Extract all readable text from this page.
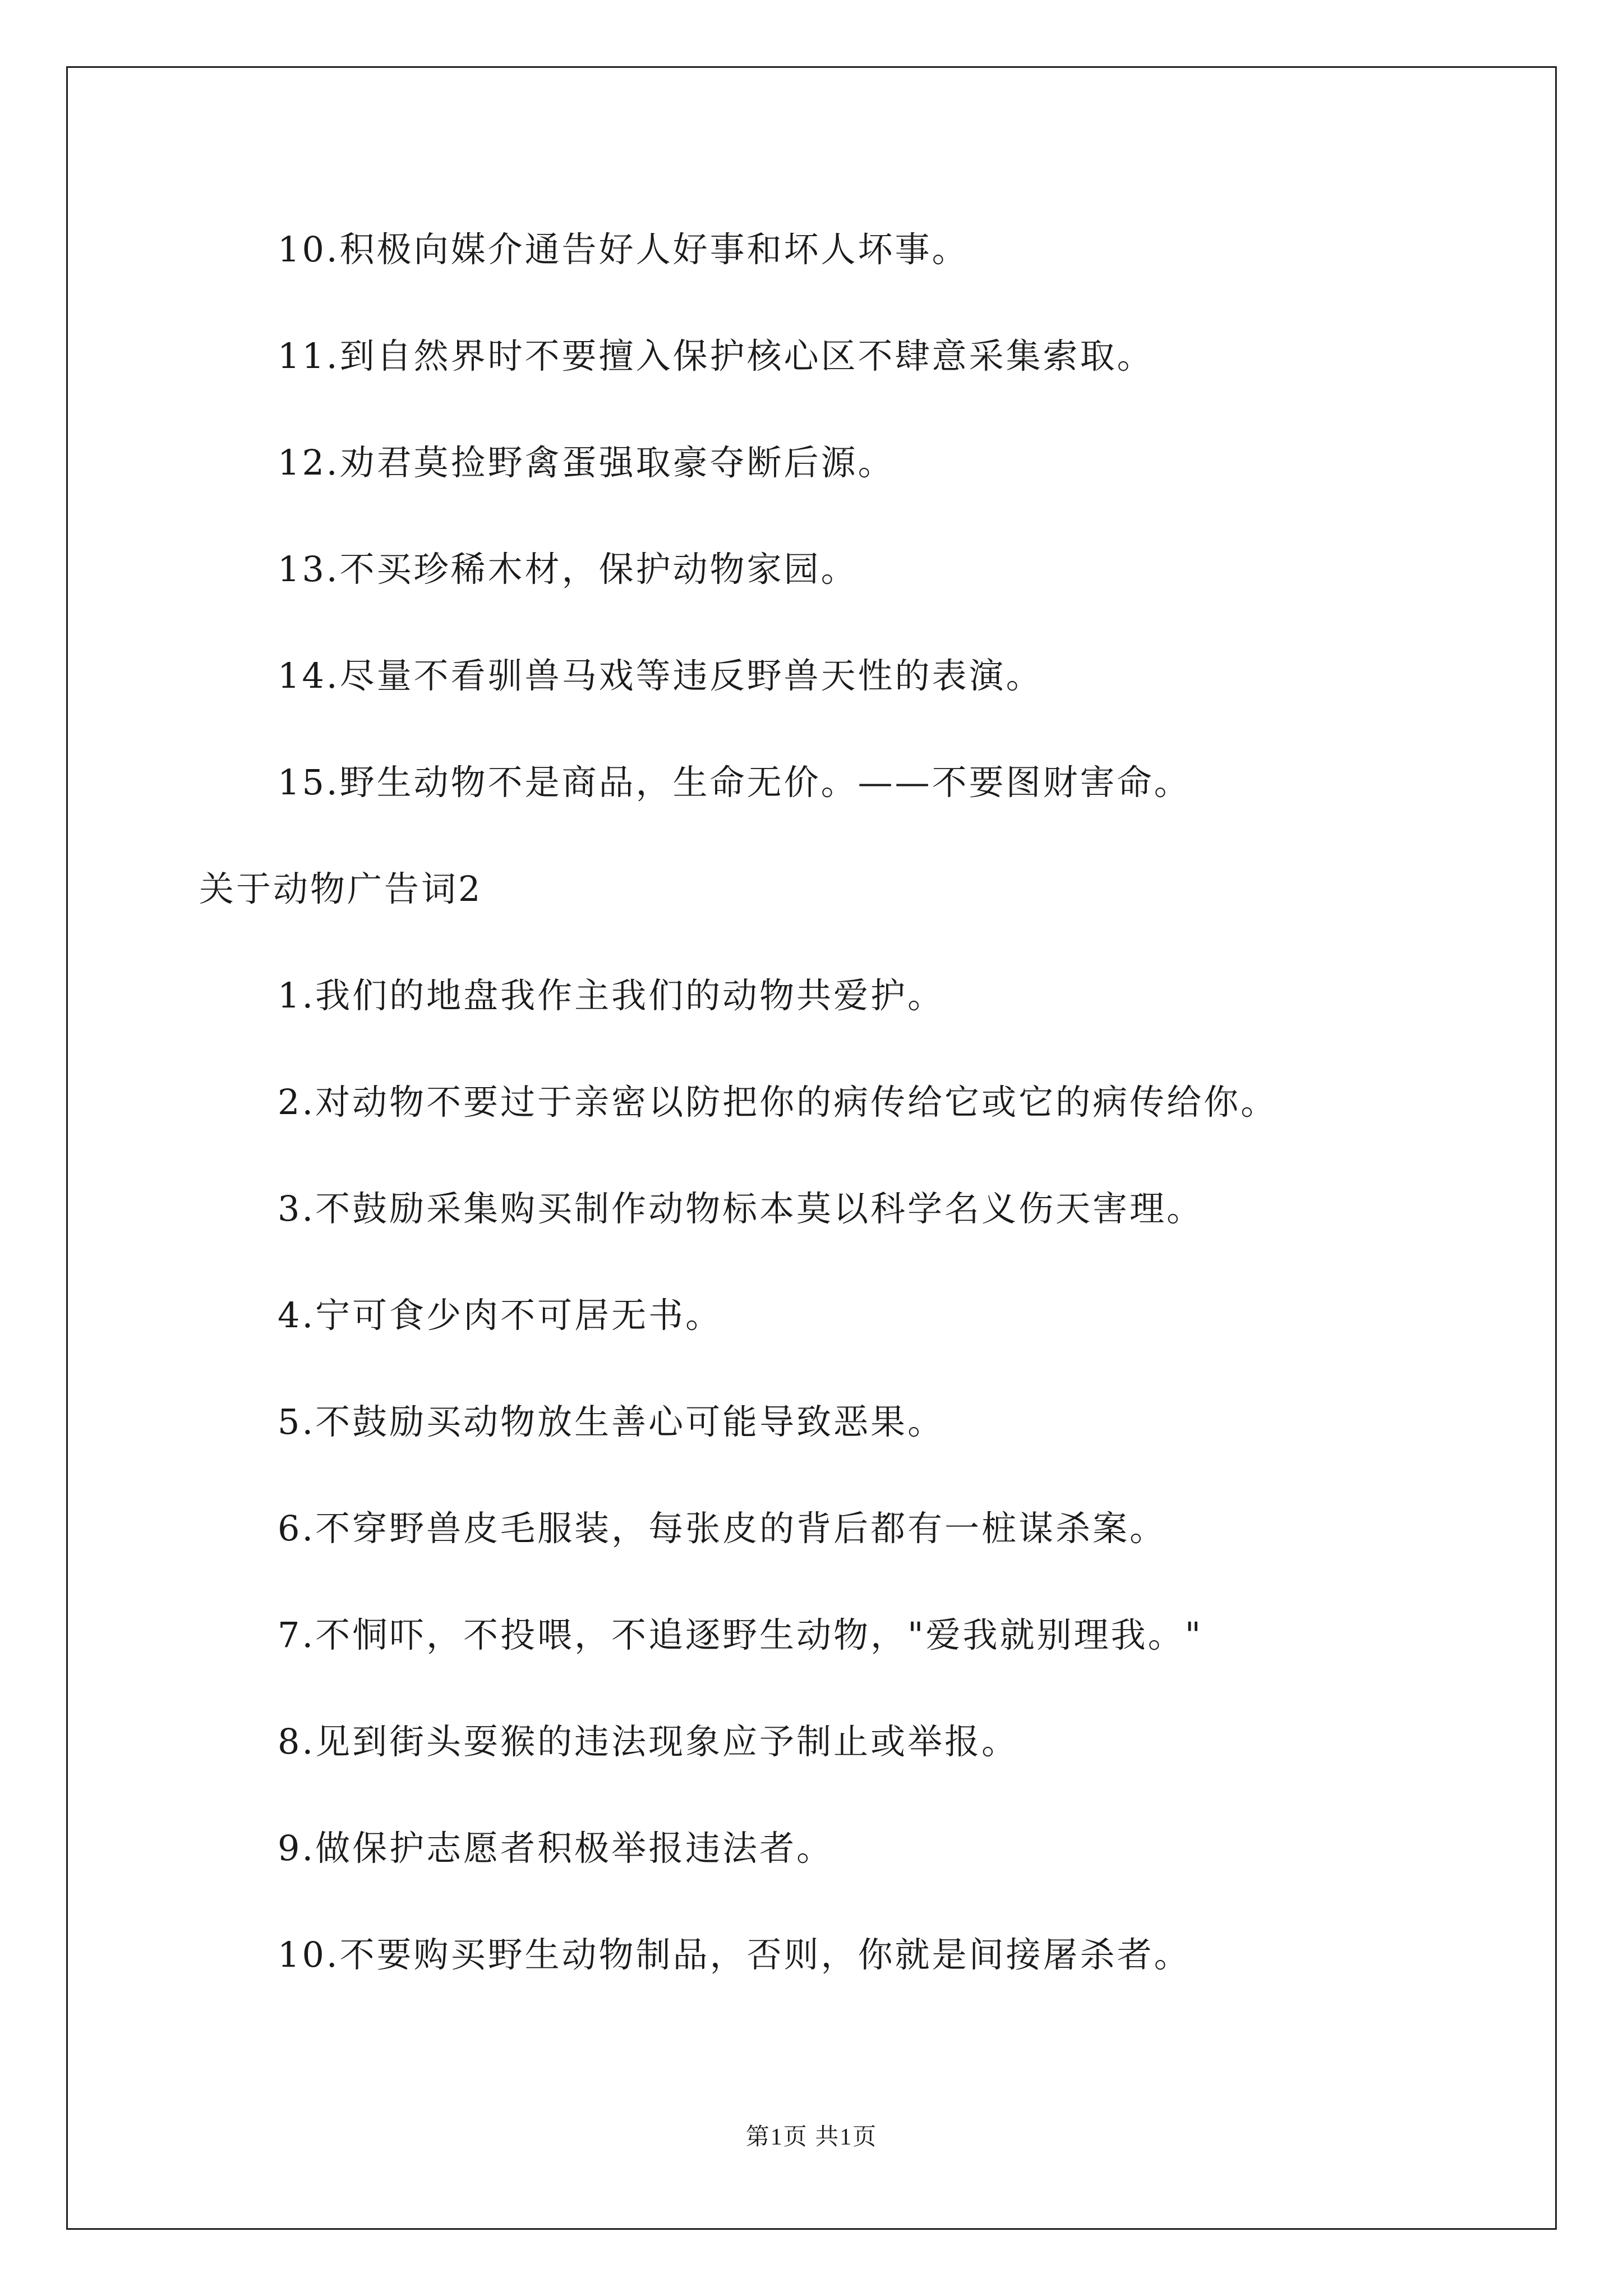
10.积极向媒介通告好人好事和坏人坏事。
11.到自然界时不要擅入保护核心区不肆意采集索取。
12.劝君莫捡野禽蛋强取豪夺断后源。
13.不买珍稀木材，保护动物家园。
14.尽量不看驯兽马戏等违反野兽天性的表演。
15.野生动物不是商品，生命无价。——不要图财害命。
关于动物广告词2
1.我们的地盘我作主我们的动物共爱护。
2.对动物不要过于亲密以防把你的病传给它或它的病传给你。
3.不鼓励采集购买制作动物标本莫以科学名义伤天害理。
4.宁可食少肉不可居无书。
5.不鼓励买动物放生善心可能导致恶果。
6.不穿野兽皮毛服装，每张皮的背后都有一桩谋杀案。
7.不恫吓，不投喂，不追逐野生动物，"爱我就别理我。"
8.见到街头耍猴的违法现象应予制止或举报。
9.做保护志愿者积极举报违法者。
10.不要购买野生动物制品，否则，你就是间接屠杀者。
第1页 共1页
